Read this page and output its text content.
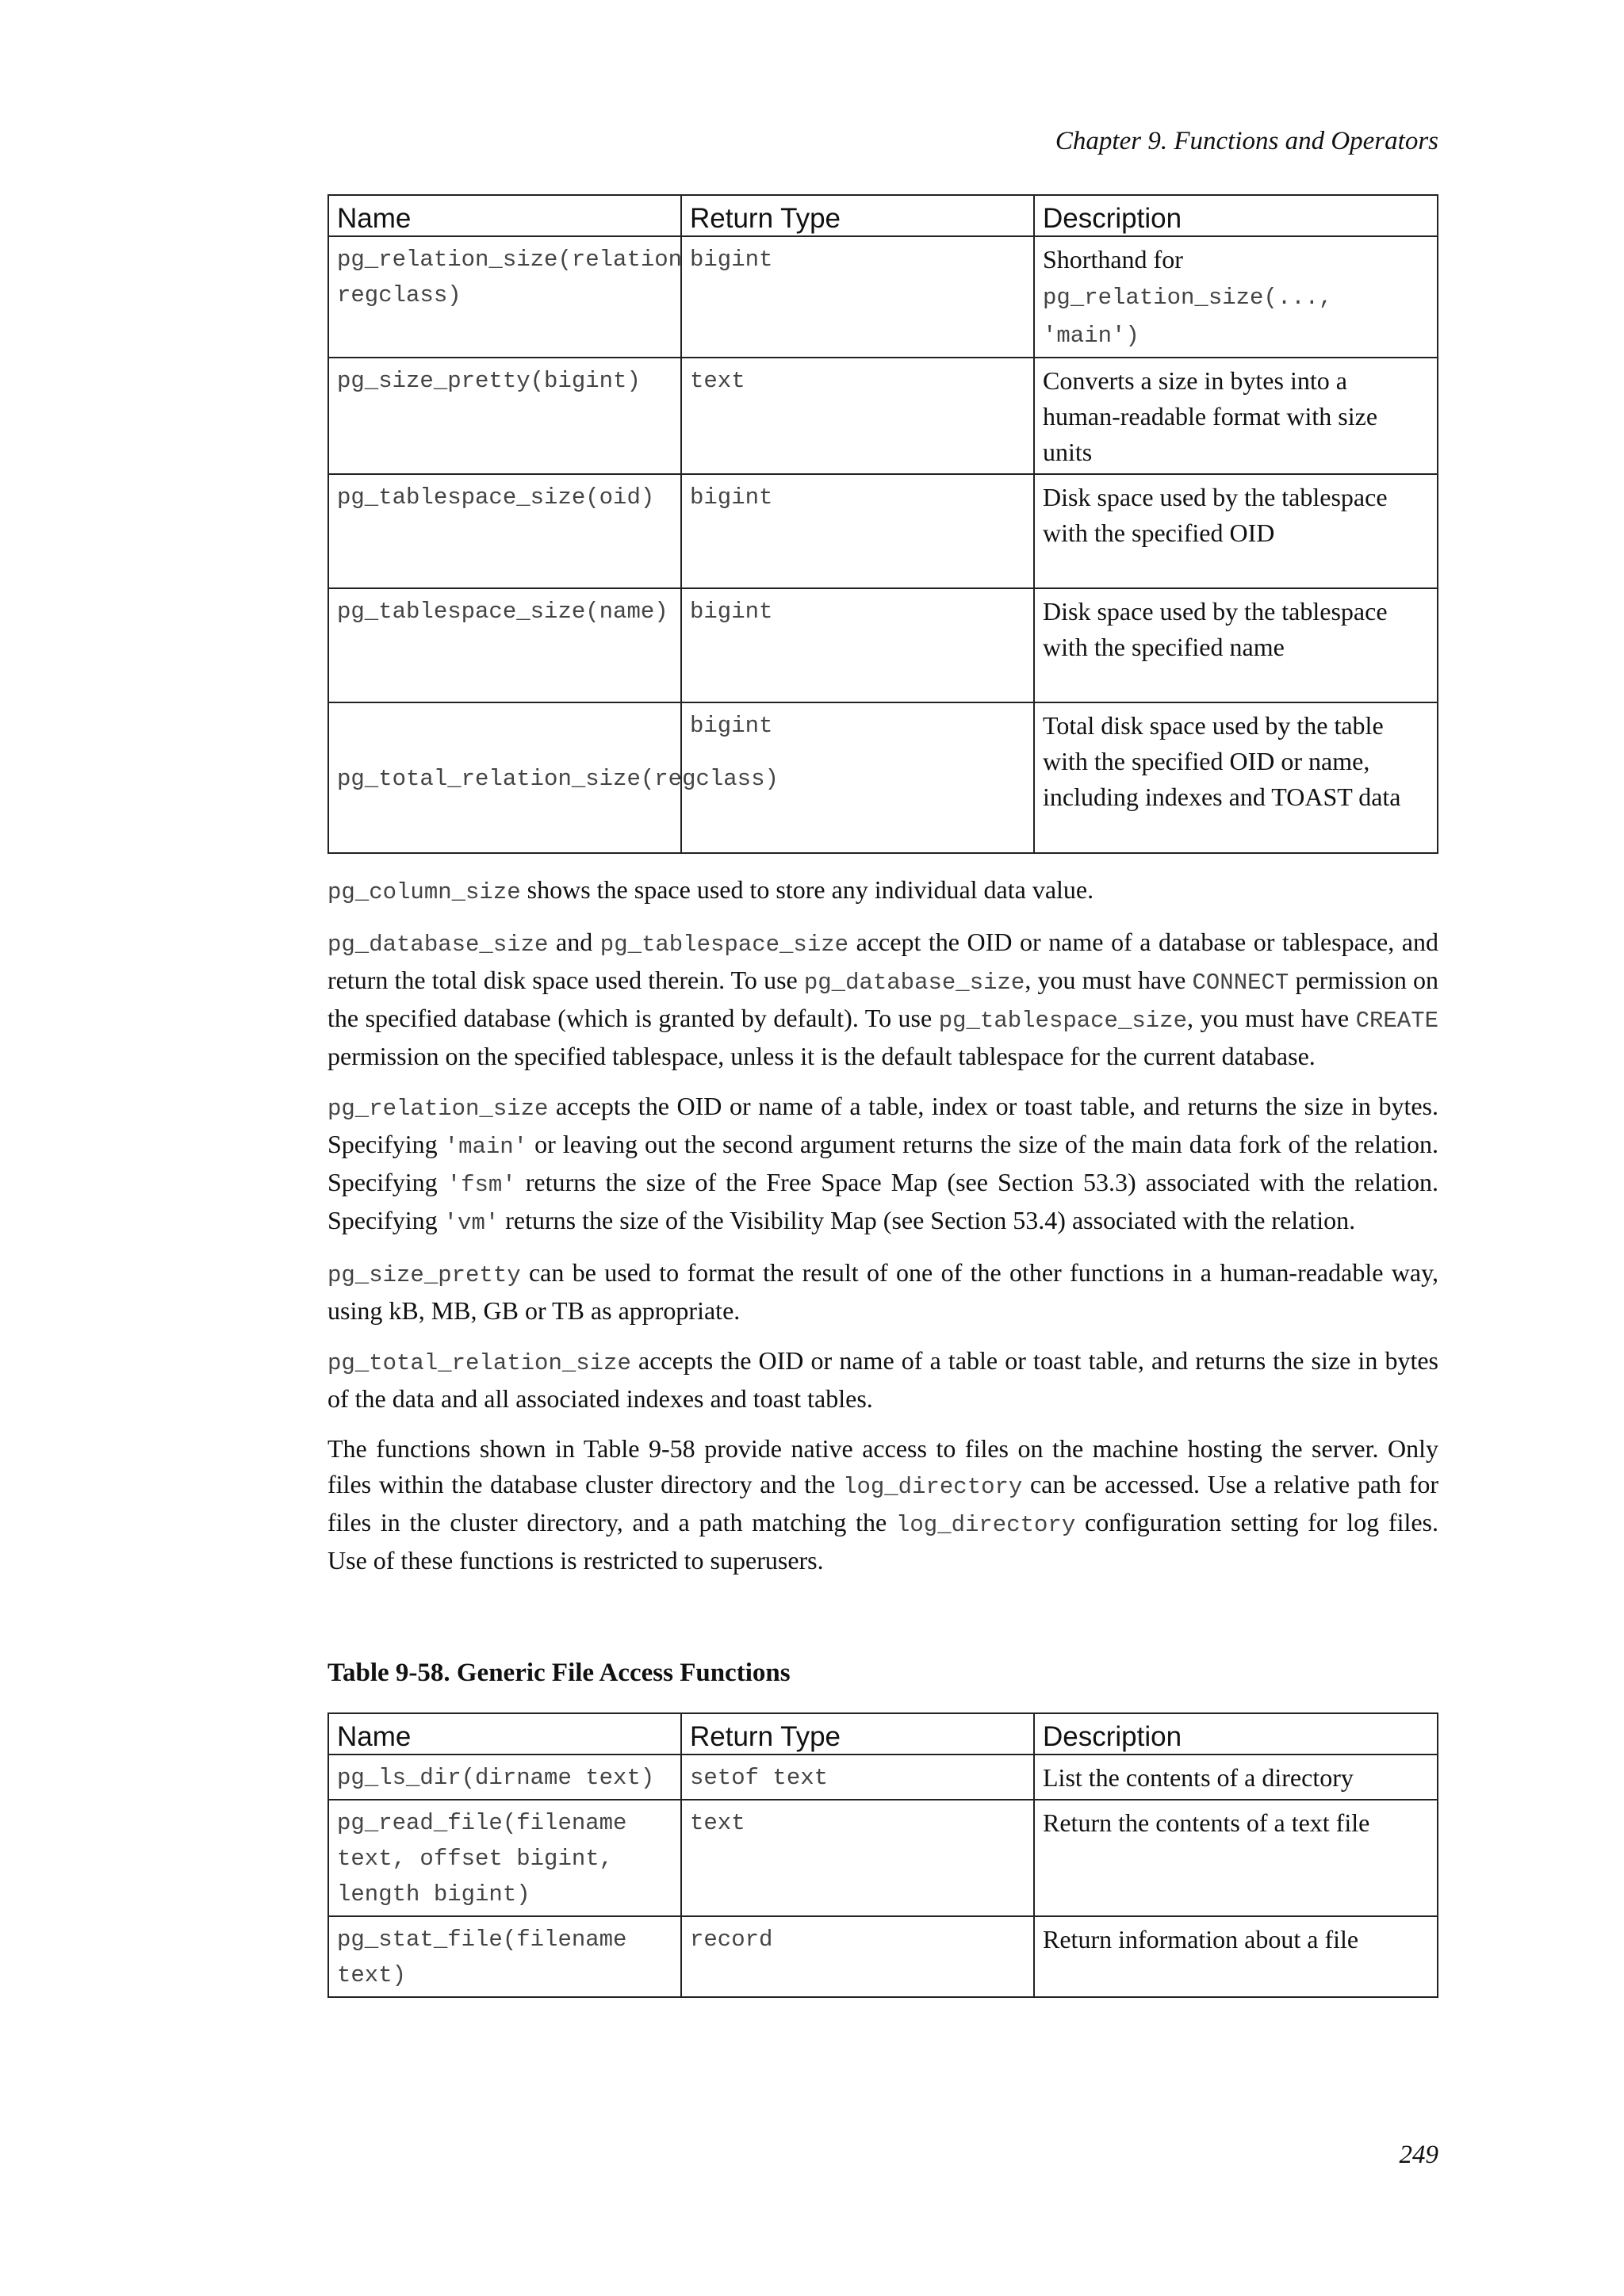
Chapter 9. Functions and Operators
Name	Return Type	Description
pg_relation_size(relation regclass)	bigint	Shorthand for pg_relation_size(..., 'main')
pg_size_pretty(bigint)	text	Converts a size in bytes into a human-readable format with size units
pg_tablespace_size(oid)	bigint	Disk space used by the tablespace with the specified OID
pg_tablespace_size(name)	bigint	Disk space used by the tablespace with the specified name
pg_total_relation_size(regclass)	bigint	Total disk space used by the table with the specified OID or name, including indexes and TOAST data

pg_column_size shows the space used to store any individual data value.

pg_database_size and pg_tablespace_size accept the OID or name of a database or tablespace, and return the total disk space used therein. To use pg_database_size, you must have CONNECT permission on the specified database (which is granted by default). To use pg_tablespace_size, you must have CREATE permission on the specified tablespace, unless it is the default tablespace for the current database.

pg_relation_size accepts the OID or name of a table, index or toast table, and returns the size in bytes. Specifying 'main' or leaving out the second argument returns the size of the main data fork of the relation. Specifying 'fsm' returns the size of the Free Space Map (see Section 53.3) associated with the relation. Specifying 'vm' returns the size of the Visibility Map (see Section 53.4) associated with the relation.

pg_size_pretty can be used to format the result of one of the other functions in a human-readable way, using kB, MB, GB or TB as appropriate.

pg_total_relation_size accepts the OID or name of a table or toast table, and returns the size in bytes of the data and all associated indexes and toast tables.

The functions shown in Table 9-58 provide native access to files on the machine hosting the server. Only files within the database cluster directory and the log_directory can be accessed. Use a relative path for files in the cluster directory, and a path matching the log_directory configuration setting for log files. Use of these functions is restricted to superusers.

Table 9-58. Generic File Access Functions

Name	Return Type	Description
pg_ls_dir(dirname text)	setof text	List the contents of a directory
pg_read_file(filename text, offset bigint, length bigint)	text	Return the contents of a text file
pg_stat_file(filename text)	record	Return information about a file
249
